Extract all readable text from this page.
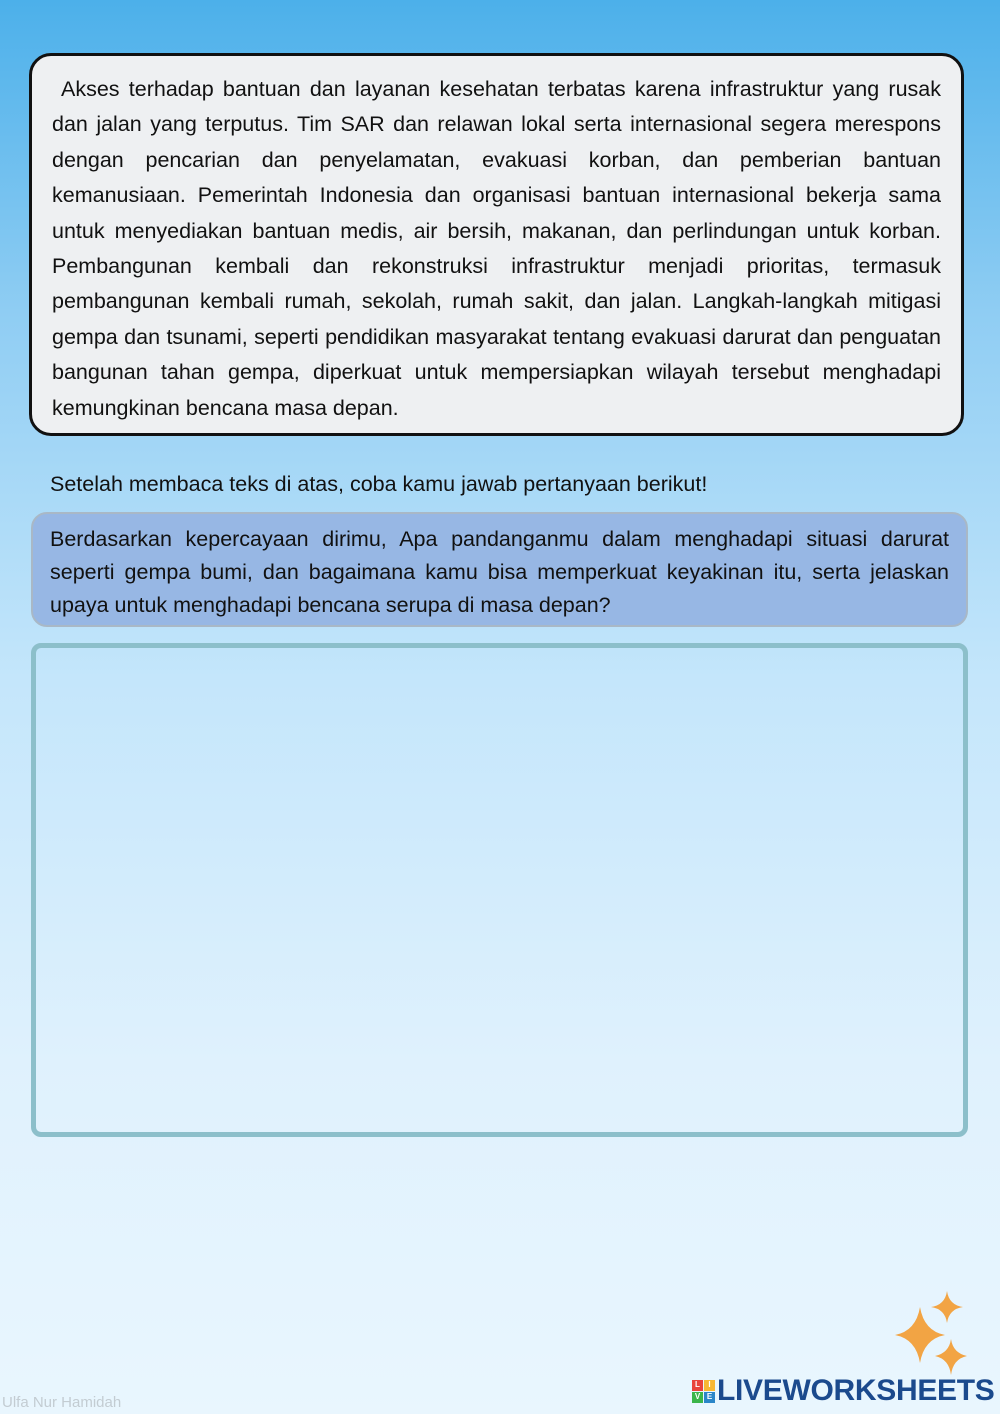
Akses terhadap bantuan dan layanan kesehatan terbatas karena infrastruktur yang rusak dan jalan yang terputus. Tim SAR dan relawan lokal serta internasional segera merespons dengan pencarian dan penyelamatan, evakuasi korban, dan pemberian bantuan kemanusiaan. Pemerintah Indonesia dan organisasi bantuan internasional bekerja sama untuk menyediakan bantuan medis, air bersih, makanan, dan perlindungan untuk korban. Pembangunan kembali dan rekonstruksi infrastruktur menjadi prioritas, termasuk pembangunan kembali rumah, sekolah, rumah sakit, dan jalan. Langkah-langkah mitigasi gempa dan tsunami, seperti pendidikan masyarakat tentang evakuasi darurat dan penguatan bangunan tahan gempa, diperkuat untuk mempersiapkan wilayah tersebut menghadapi kemungkinan bencana masa depan.

Setelah membaca teks di atas, coba kamu jawab pertanyaan berikut!

Berdasarkan kepercayaan dirimu, Apa pandanganmu dalam menghadapi situasi darurat seperti gempa bumi, dan bagaimana kamu bisa memperkuat keyakinan itu, serta jelaskan upaya untuk menghadapi bencana serupa di masa depan?

Ulfa Nur Hamidah
L	I
V E LIVEWORKSHEETS
